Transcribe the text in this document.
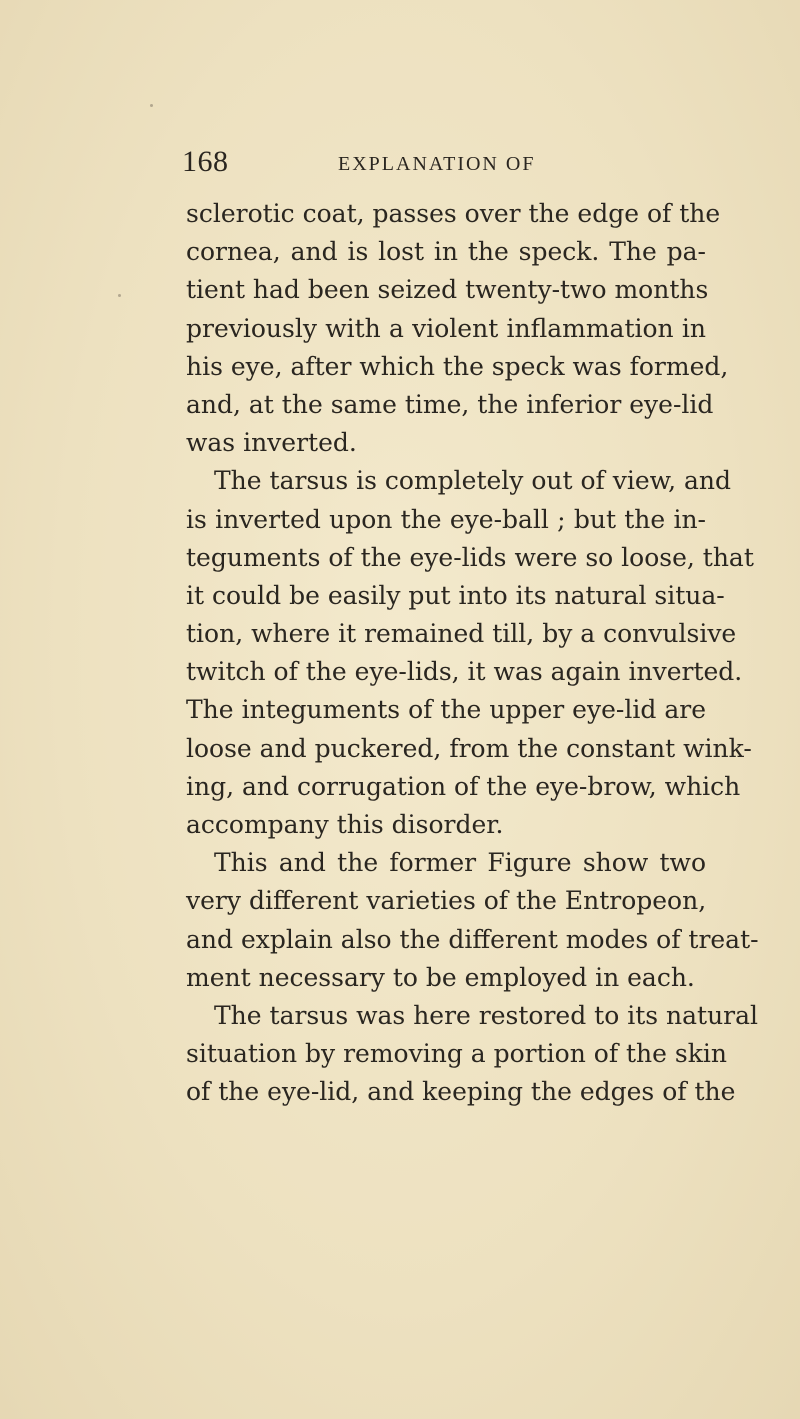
168	EXPLANATION OF
sclerotic coat, passes over the edge of the
cornea, and is lost in the speck. The pa-
tient had been seized twenty-two months
previously with a violent inflammation in
his eye, after which the speck was formed,
and, at the same time, the inferior eye-lid
was inverted.
The tarsus is completely out of view, and
is inverted upon the eye-ball ; but the in-
teguments of the eye-lids were so loose, that
it could be easily put into its natural situa-
tion, where it remained till, by a convulsive
twitch of the eye-lids, it was again inverted.
The integuments of the upper eye-lid are
loose and puckered, from the constant wink-
ing, and corrugation of the eye-brow, which
accompany this disorder.
This and the former Figure show two
very different varieties of the Entropeon,
and explain also the different modes of treat-
ment necessary to be employed in each.
The tarsus was here restored to its natural
situation by removing a portion of the skin
of the eye-lid, and keeping the edges of the
